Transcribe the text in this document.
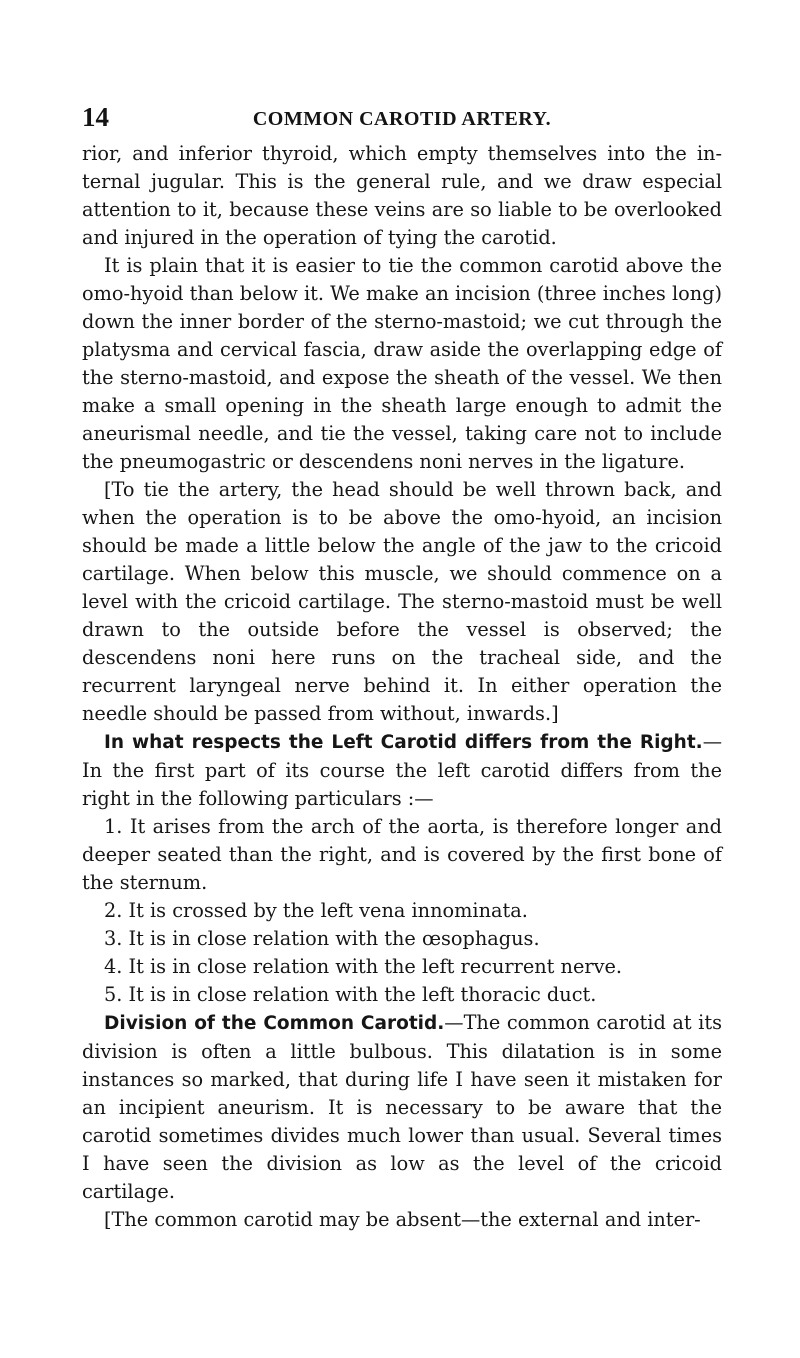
14	COMMON CAROTID ARTERY.

rior, and inferior thyroid, which empty themselves into the internal jugular. This is the general rule, and we draw especial attention to it, because these veins are so liable to be overlooked and injured in the operation of tying the carotid.

It is plain that it is easier to tie the common carotid above the omo-hyoid than below it. We make an incision (three inches long) down the inner border of the sterno-mastoid; we cut through the platysma and cervical fascia, draw aside the overlapping edge of the sterno-mastoid, and expose the sheath of the vessel. We then make a small opening in the sheath large enough to admit the aneurismal needle, and tie the vessel, taking care not to include the pneumogastric or descendens noni nerves in the ligature.

[To tie the artery, the head should be well thrown back, and when the operation is to be above the omo-hyoid, an incision should be made a little below the angle of the jaw to the cricoid cartilage. When below this muscle, we should commence on a level with the cricoid cartilage. The sterno-mastoid must be well drawn to the outside before the vessel is observed; the descendens noni here runs on the tracheal side, and the recurrent laryngeal nerve behind it. In either operation the needle should be passed from without, inwards.]

In what respects the Left Carotid differs from the Right.—In the first part of its course the left carotid differs from the right in the following particulars :—

1. It arises from the arch of the aorta, is therefore longer and deeper seated than the right, and is covered by the first bone of the sternum.

2. It is crossed by the left vena innominata.

3. It is in close relation with the œsophagus.

4. It is in close relation with the left recurrent nerve.

5. It is in close relation with the left thoracic duct.

Division of the Common Carotid.—The common carotid at its division is often a little bulbous. This dilatation is in some instances so marked, that during life I have seen it mistaken for an incipient aneurism. It is necessary to be aware that the carotid sometimes divides much lower than usual. Several times I have seen the division as low as the level of the cricoid cartilage.

[The common carotid may be absent—the external and inter-
